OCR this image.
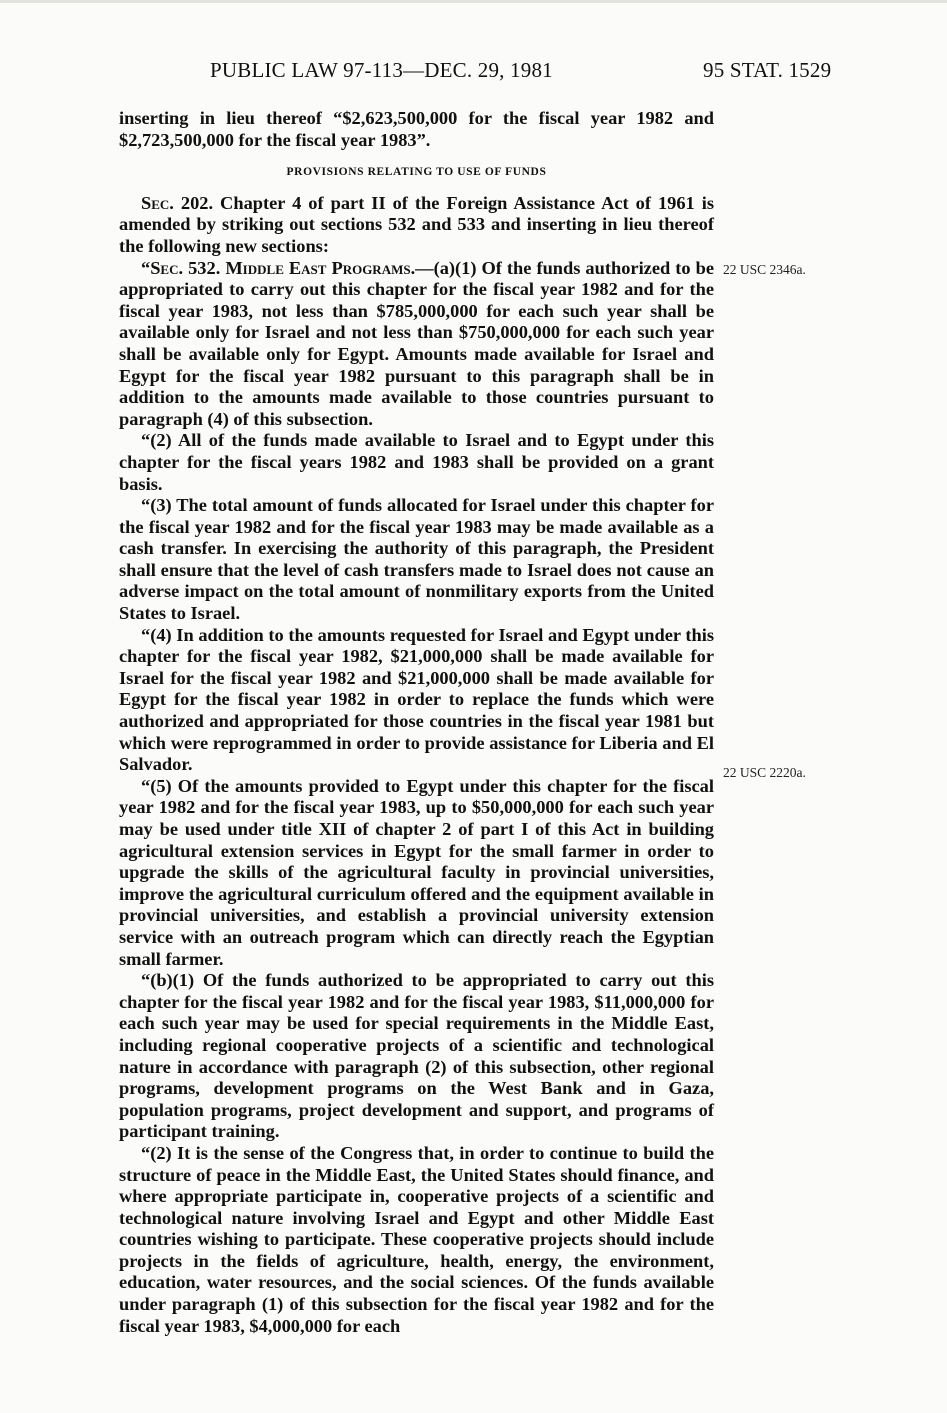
PUBLIC LAW 97-113—DEC. 29, 1981	95 STAT. 1529

inserting in lieu thereof “$2,623,500,000 for the fiscal year 1982 and $2,723,500,000 for the fiscal year 1983”.

PROVISIONS RELATING TO USE OF FUNDS

Sec. 202. Chapter 4 of part II of the Foreign Assistance Act of 1961 is amended by striking out sections 532 and 533 and inserting in lieu thereof the following new sections:

“Sec. 532. Middle East Programs.—(a)(1) Of the funds authorized to be appropriated to carry out this chapter for the fiscal year 1982 and for the fiscal year 1983, not less than $785,000,000 for each such year shall be available only for Israel and not less than $750,000,000 for each such year shall be available only for Egypt. Amounts made available for Israel and Egypt for the fiscal year 1982 pursuant to this paragraph shall be in addition to the amounts made available to those countries pursuant to paragraph (4) of this subsection.

“(2) All of the funds made available to Israel and to Egypt under this chapter for the fiscal years 1982 and 1983 shall be provided on a grant basis.

“(3) The total amount of funds allocated for Israel under this chapter for the fiscal year 1982 and for the fiscal year 1983 may be made available as a cash transfer. In exercising the authority of this paragraph, the President shall ensure that the level of cash transfers made to Israel does not cause an adverse impact on the total amount of nonmilitary exports from the United States to Israel.

“(4) In addition to the amounts requested for Israel and Egypt under this chapter for the fiscal year 1982, $21,000,000 shall be made available for Israel for the fiscal year 1982 and $21,000,000 shall be made available for Egypt for the fiscal year 1982 in order to replace the funds which were authorized and appropriated for those countries in the fiscal year 1981 but which were reprogrammed in order to provide assistance for Liberia and El Salvador.

“(5) Of the amounts provided to Egypt under this chapter for the fiscal year 1982 and for the fiscal year 1983, up to $50,000,000 for each such year may be used under title XII of chapter 2 of part I of this Act in building agricultural extension services in Egypt for the small farmer in order to upgrade the skills of the agricultural faculty in provincial universities, improve the agricultural curriculum offered and the equipment available in provincial universities, and establish a provincial university extension service with an outreach program which can directly reach the Egyptian small farmer.

“(b)(1) Of the funds authorized to be appropriated to carry out this chapter for the fiscal year 1982 and for the fiscal year 1983, $11,000,000 for each such year may be used for special requirements in the Middle East, including regional cooperative projects of a scientific and technological nature in accordance with paragraph (2) of this subsection, other regional programs, development programs on the West Bank and in Gaza, population programs, project development and support, and programs of participant training.

“(2) It is the sense of the Congress that, in order to continue to build the structure of peace in the Middle East, the United States should finance, and where appropriate participate in, cooperative projects of a scientific and technological nature involving Israel and Egypt and other Middle East countries wishing to participate. These cooperative projects should include projects in the fields of agriculture, health, energy, the environment, education, water resources, and the social sciences. Of the funds available under paragraph (1) of this subsection for the fiscal year 1982 and for the fiscal year 1983, $4,000,000 for each

22 USC 2346a.
22 USC 2220a.
